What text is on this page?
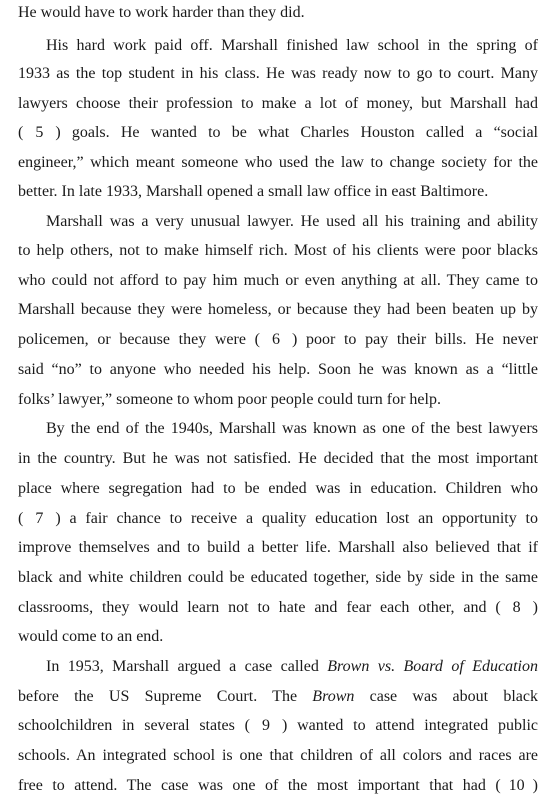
He would have to work harder than they did.
His hard work paid off. Marshall finished law school in the spring of
1933 as the top student in his class. He was ready now to go to court. Many
lawyers choose their profession to make a lot of money, but Marshall had
(   5   ) goals. He wanted to be what Charles Houston called a “social
engineer,” which meant someone who used the law to change society for the
better. In late 1933, Marshall opened a small law office in east Baltimore.
Marshall was a very unusual lawyer. He used all his training and ability
to help others, not to make himself rich. Most of his clients were poor blacks
who could not afford to pay him much or even anything at all. They came to
Marshall because they were homeless, or because they had been beaten up by
policemen, or because they were (   6   ) poor to pay their bills. He never
said “no” to anyone who needed his help. Soon he was known as a “little
folks’ lawyer,” someone to whom poor people could turn for help.
By the end of the 1940s, Marshall was known as one of the best lawyers
in the country. But he was not satisfied. He decided that the most important
place where segregation had to be ended was in education. Children who
(   7   ) a fair chance to receive a quality education lost an opportunity to
improve themselves and to build a better life. Marshall also believed that if
black and white children could be educated together, side by side in the same
classrooms, they would learn not to hate and fear each other, and (   8   )
would come to an end.
In 1953, Marshall argued a case called Brown vs. Board of Education
before the US Supreme Court. The Brown case was about black
schoolchildren in several states (   9   ) wanted to attend integrated public
schools. An integrated school is one that children of all colors and races are
free to attend. The case was one of the most important that had (  10  )
